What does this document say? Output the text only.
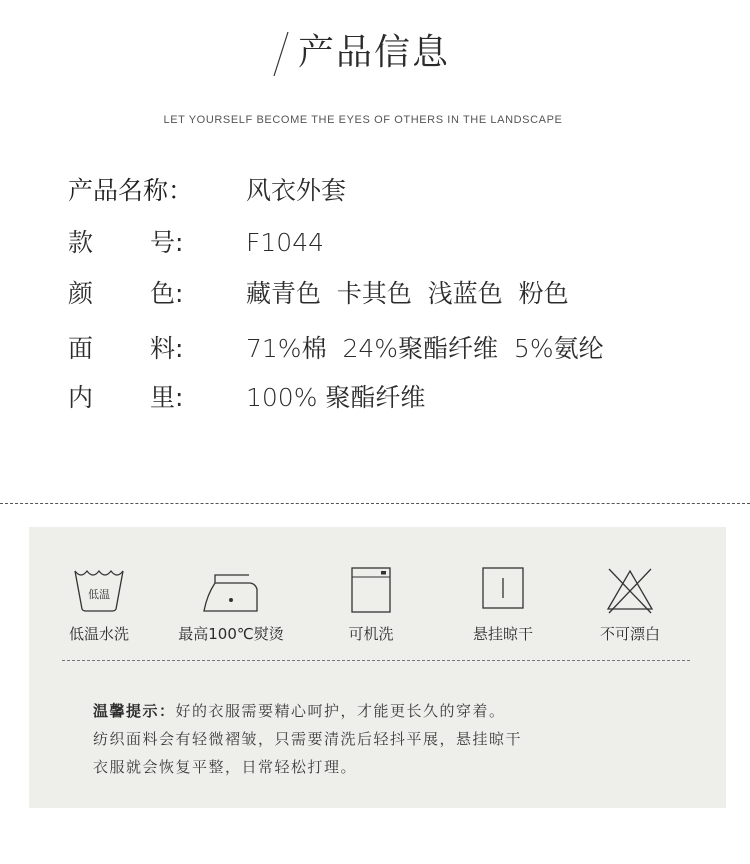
产品信息
LET YOURSELF BECOME THE EYES OF OTHERS IN THE LANDSCAPE
产品名称： 风衣外套
款 号:	F1044
颜 色:	藏青色  卡其色  浅蓝色  粉色
面 料:	71%棉  24%聚酯纤维  5%氨纶
内 里:	100% 聚酯纤维
低温
低温水洗	最高100℃熨烫	可机洗	悬挂晾干	不可漂白
温馨提示：好的衣服需要精心呵护，才能更长久的穿着。
纺织面料会有轻微褶皱，只需要清洗后轻抖平展，悬挂晾干
衣服就会恢复平整，日常轻松打理。
